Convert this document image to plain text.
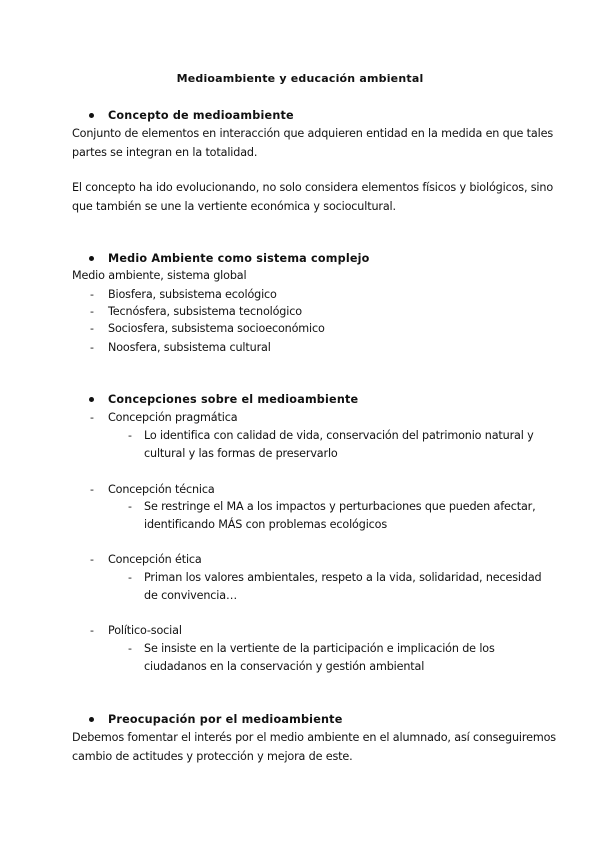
Medioambiente y educación ambiental
Concepto de medioambiente
Conjunto de elementos en interacción que adquieren entidad en la medida en que tales
partes se integran en la totalidad.
El concepto ha ido evolucionando, no solo considera elementos físicos y biológicos, sino
que también se une la vertiente económica y sociocultural.
Medio Ambiente como sistema complejo
Medio ambiente, sistema global
- Biosfera, subsistema ecológico
- Tecnósfera, subsistema tecnológico
- Sociosfera, subsistema socioeconómico
- Noosfera, subsistema cultural
Concepciones sobre el medioambiente
- Concepción pragmática
- Lo identifica con calidad de vida, conservación del patrimonio natural y
cultural y las formas de preservarlo
- Concepción técnica
- Se restringe el MA a los impactos y perturbaciones que pueden afectar,
identificando MÁS con problemas ecológicos
- Concepción ética
- Priman los valores ambientales, respeto a la vida, solidaridad, necesidad
de convivencia…
- Político-social
- Se insiste en la vertiente de la participación e implicación de los
ciudadanos en la conservación y gestión ambiental
Preocupación por el medioambiente
Debemos fomentar el interés por el medio ambiente en el alumnado, así conseguiremos
cambio de actitudes y protección y mejora de este.
